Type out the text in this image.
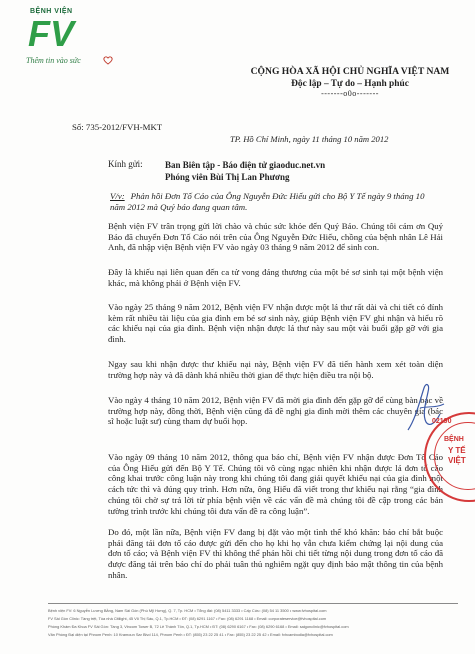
BỆNH VIỆN
FV
Thêm tin vào sức
CỘNG HÒA XÃ HỘI CHỦ NGHĨA VIỆT NAM
Độc lập – Tự do – Hạnh phúc
-------o0o-------
Số: 735-2012/FVH-MKT
TP. Hồ Chí Minh, ngày 11 tháng 10 năm 2012
Kính gửi: Ban Biên tập - Báo điện tử giaoduc.net.vn
Phóng viên Bùi Thị Lan Phương
V/v: Phản hồi Đơn Tố Cáo của Ông Nguyễn Đức Hiếu gửi cho Bộ Y Tế ngày 9 tháng 10 năm 2012 mà Quý báo đang quan tâm.
Bệnh viện FV trân trọng gửi lời chào và chúc sức khỏe đến Quý Báo. Chúng tôi cảm ơn Quý Báo đã chuyển Đơn Tố Cáo nói trên của Ông Nguyễn Đức Hiếu, chồng của bệnh nhân Lê Hải Anh, đã nhập viện Bệnh viện FV vào ngày 03 tháng 9 năm 2012 để sinh con.
Đây là khiếu nại liên quan đến ca tử vong đáng thương của một bé sơ sinh tại một bệnh viện khác, mà không phải ở Bệnh viện FV.
Vào ngày 25 tháng 9 năm 2012, Bệnh viện FV nhận được một lá thư rất dài và chi tiết có đính kèm rất nhiều tài liệu của gia đình em bé sơ sinh này, giúp Bệnh viện FV ghi nhận và hiểu rõ các khiếu nại của gia đình. Bệnh viện nhận được lá thư này sau một vài buổi gặp gỡ với gia đình.
Ngay sau khi nhận được thư khiếu nại này, Bệnh viện FV đã tiến hành xem xét toàn diện trường hợp này và đã dành khá nhiều thời gian để thực hiện điều tra nội bộ.
Vào ngày 4 tháng 10 năm 2012, Bệnh viện FV đã mời gia đình đến gặp gỡ để cùng bàn bạc về trường hợp này, đồng thời, Bệnh viện cũng đã đề nghị gia đình mời thêm các chuyên gia (bác sĩ hoặc luật sư) cùng tham dự buổi họp.
Vào ngày 09 tháng 10 năm 2012, thông qua báo chí, Bệnh viện FV nhận được Đơn Tố Cáo của Ông Hiếu gửi đến Bộ Y Tế. Chúng tôi vô cùng ngạc nhiên khi nhận được lá đơn tố cáo công khai trước công luận này trong khi chúng tôi đang giải quyết khiếu nại của gia đình một cách tức thì và đúng quy trình. Hơn nữa, ông Hiếu đã viết trong thư khiếu nại rằng “gia đình chúng tôi chờ sự trả lời từ phía bệnh viện về các vấn đề mà chúng tôi đề cập trong các bản tường trình trước khi chúng tôi đưa vấn đề ra công luận”.
Do đó, một lần nữa, Bệnh viện FV đang bị đặt vào một tình thế khó khăn: báo chí bắt buộc phải đăng tải đơn tố cáo được gửi đến cho họ khi họ vẫn chưa kiểm chứng lại nội dung của đơn tố cáo; và Bệnh viện FV thì không thể phản hồi chi tiết từng nội dung trong đơn tố cáo đã được đăng tải trên báo chí do phải tuân thủ nghiêm ngặt quy định bảo mật thông tin của bệnh nhân.
02190
BỆNH
Y TẾ
VIỆT
Bệnh viện FV: 6 Nguyễn Lương Bằng, Nam Sài Gòn (Phú Mỹ Hưng), Q. 7, Tp. HCM • Tổng đài: (08) 5411 3333 • Cấp Cứu: (08) 54 11 3500 • www.fvhospital.com
FV Sài Gòn Clinic: Tầng trệt, Tòa nhà Citilight, 45 Võ Thị Sáu, Q.1, Tp.HCM • ĐT: (08) 6291 1167 • Fax: (08) 6291 1168 • Email: corporateservice@fvhospital.com
Phòng Khám Đa Khoa FV Sài Gòn: Tầng 3, Vincom Tower B, 72 Lê Thánh Tôn, Q.1, Tp.HCM • ĐT: (08) 6290 6167 • Fax: (08) 6290 6168 • Email: saigonclinic@fvhospital.com
Văn Phòng Đại diện tại Phnom Penh: 10 Kramoun Sar Blvd 114, Phnom Penh • ĐT: (855) 23 22 25 41 • Fax: (855) 23 22 25 42 • Email: fvhcambodia@fvhospital.com
